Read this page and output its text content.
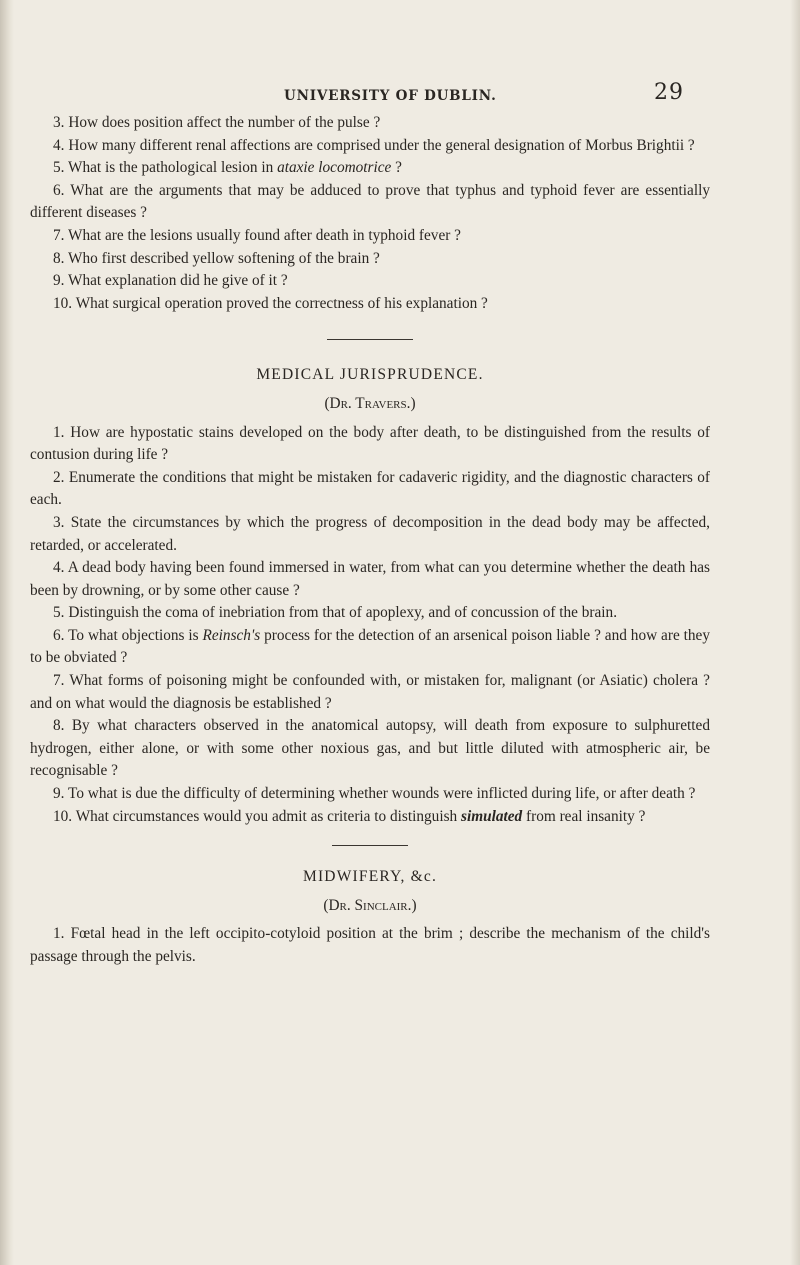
UNIVERSITY OF DUBLIN.	29

3. How does position affect the number of the pulse ?

4. How many different renal affections are comprised under the general designation of Morbus Brightii ?

5. What is the pathological lesion in ataxie locomotrice ?

6. What are the arguments that may be adduced to prove that typhus and typhoid fever are essentially different diseases ?

7. What are the lesions usually found after death in typhoid fever ?

8. Who first described yellow softening of the brain ?

9. What explanation did he give of it ?

10. What surgical operation proved the correctness of his explanation ?

MEDICAL JURISPRUDENCE.
(Dr. Travers.)

1. How are hypostatic stains developed on the body after death, to be distinguished from the results of contusion during life ?

2. Enumerate the conditions that might be mistaken for cadaveric rigidity, and the diagnostic characters of each.

3. State the circumstances by which the progress of decomposition in the dead body may be affected, retarded, or accelerated.

4. A dead body having been found immersed in water, from what can you determine whether the death has been by drowning, or by some other cause ?

5. Distinguish the coma of inebriation from that of apoplexy, and of concussion of the brain.

6. To what objections is Reinsch's process for the detection of an arsenical poison liable ? and how are they to be obviated ?

7. What forms of poisoning might be confounded with, or mistaken for, malignant (or Asiatic) cholera ? and on what would the diagnosis be established ?

8. By what characters observed in the anatomical autopsy, will death from exposure to sulphuretted hydrogen, either alone, or with some other noxious gas, and but little diluted with atmospheric air, be recognisable ?

9. To what is due the difficulty of determining whether wounds were inflicted during life, or after death ?

10. What circumstances would you admit as criteria to distinguish simulated from real insanity ?

MIDWIFERY, &c.
(Dr. Sinclair.)

1. Fœtal head in the left occipito-cotyloid position at the brim ; describe the mechanism of the child's passage through the pelvis.
